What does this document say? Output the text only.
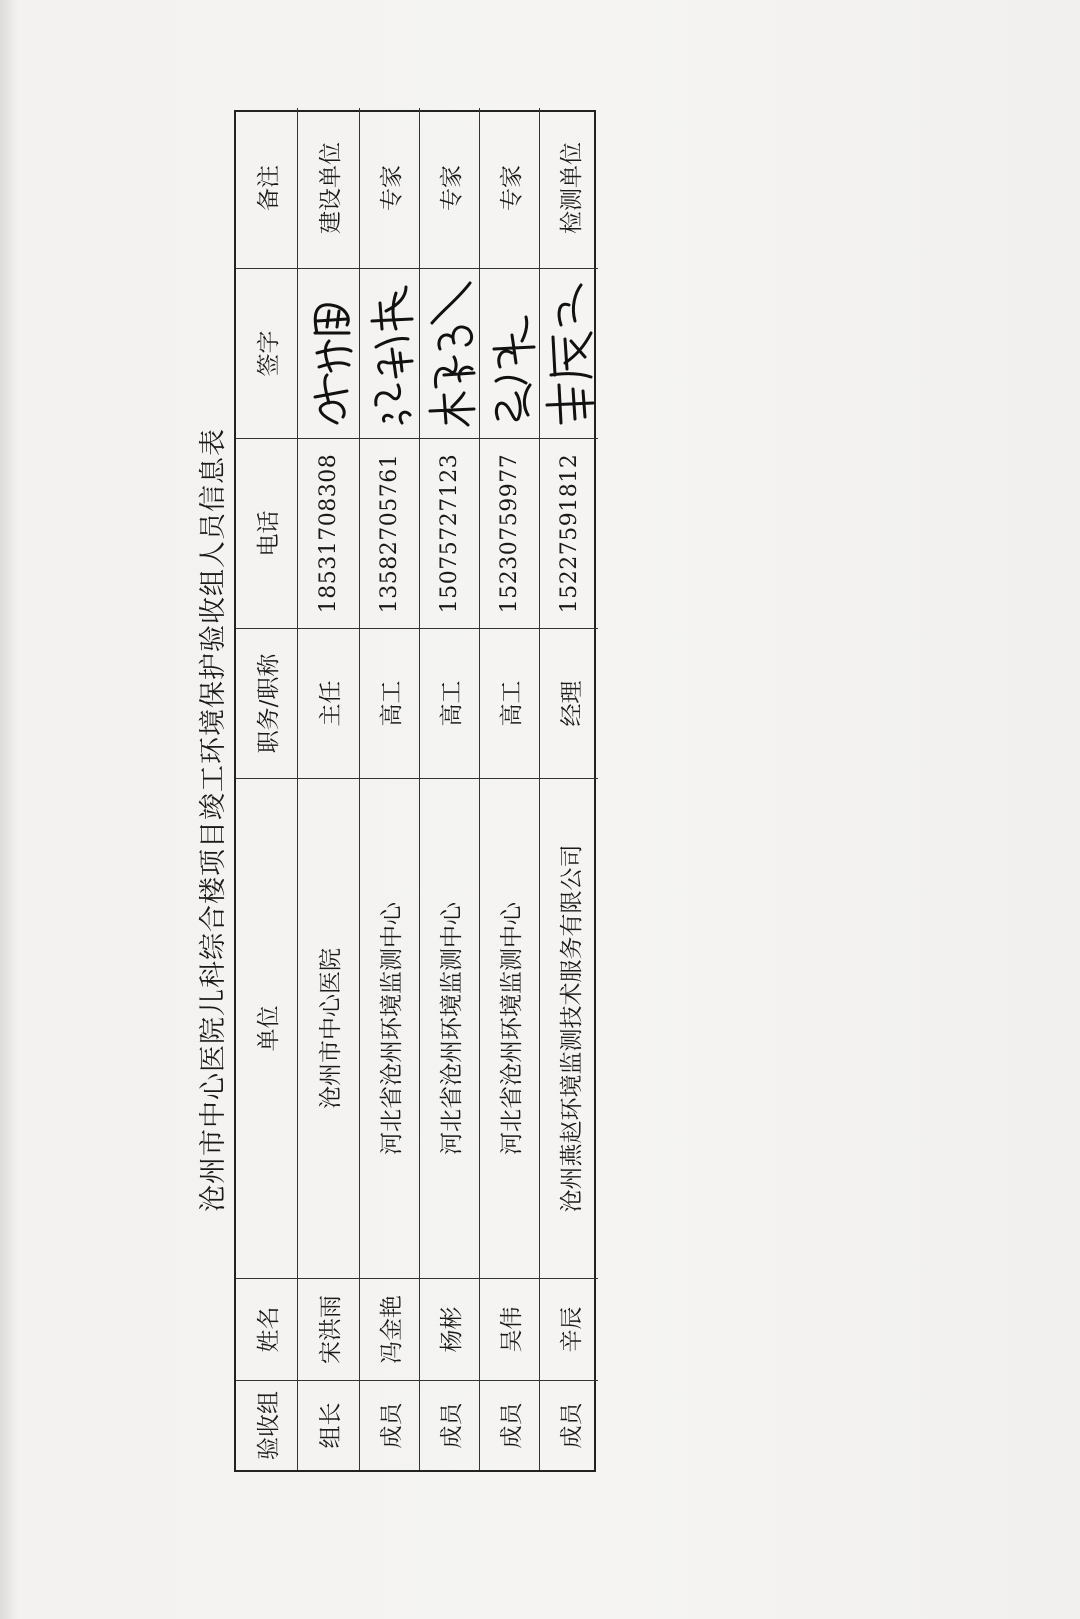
沧州市中心医院儿科综合楼项目竣工环境保护验收组人员信息表
验收组
姓名
单位
职务/职称
电话
签字
备注
组长
宋洪雨
沧州市中心医院
主任
18531708308
建设单位
成员
冯金艳
河北省沧州环境监测中心
高工
13582705761
专家
成员
杨彬
河北省沧州环境监测中心
高工
15075727123
专家
成员
吴伟
河北省沧州环境监测中心
高工
15230759977
专家
成员
辛辰
沧州燕赵环境监测技术服务有限公司
经理
15227591812
检测单位
